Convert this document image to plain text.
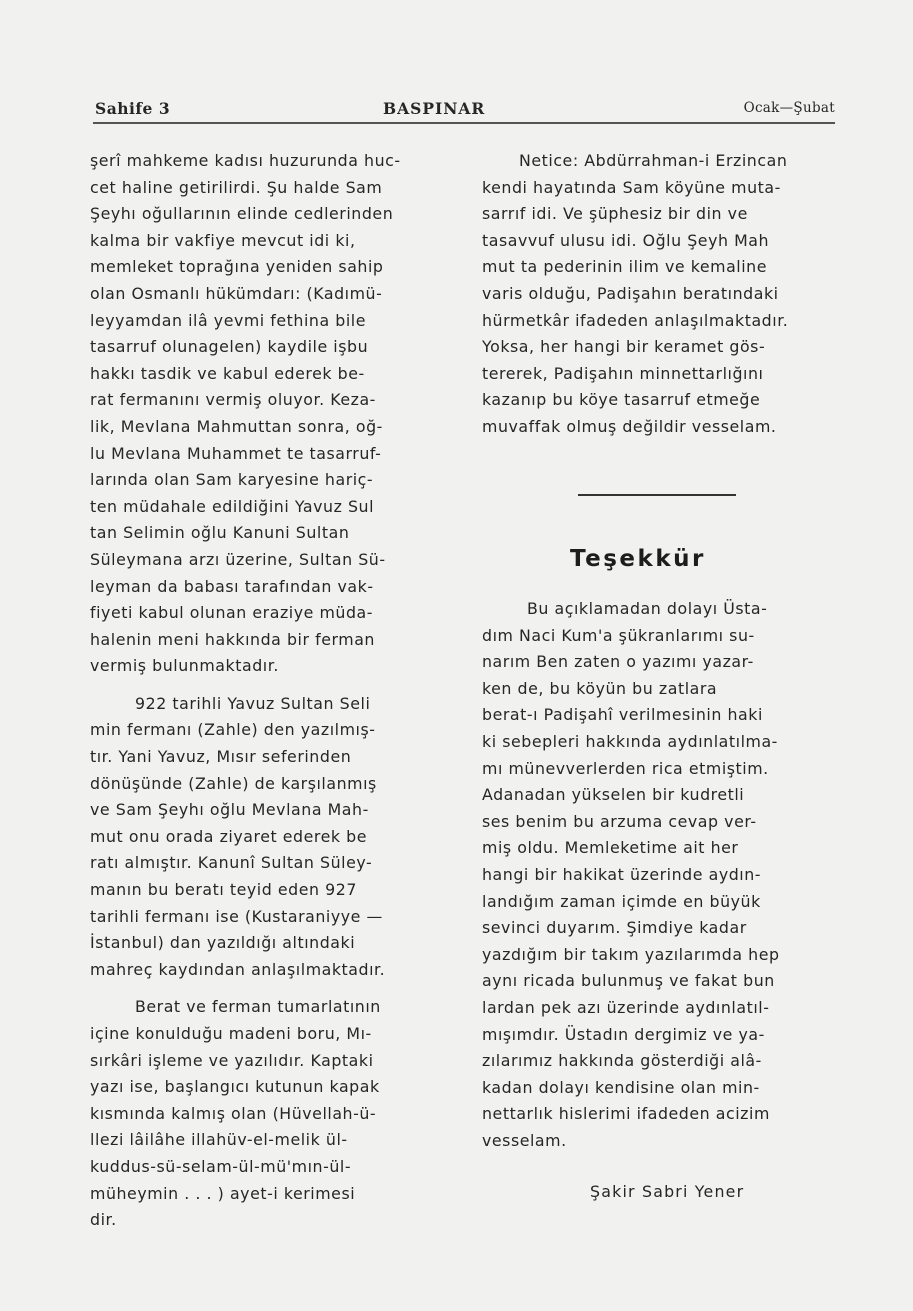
Sahife 3	BASPINAR	Ocak—Şubat

şerî mahkeme kadısı huzurunda huc-
cet haline getirilirdi. Şu halde Sam
Şeyhı oğullarının elinde cedlerinden
kalma bir vakfiye mevcut idi ki,
memleket toprağına yeniden sahip
olan Osmanlı hükümdarı: (Kadımü-
leyyamdan ilâ yevmi fethina bile
tasarruf olunagelen) kaydile işbu
hakkı tasdik ve kabul ederek be-
rat fermanını vermiş oluyor. Keza-
lik, Mevlana Mahmuttan sonra, oğ-
lu Mevlana Muhammet te tasarruf-
larında olan Sam karyesine hariç-
ten müdahale edildiğini Yavuz Sul
tan Selimin oğlu Kanuni Sultan
Süleymana arzı üzerine, Sultan Sü-
leyman da babası tarafından vak-
fiyeti kabul olunan eraziye müda-
halenin meni hakkında bir ferman
vermiş bulunmaktadır.

922 tarihli Yavuz Sultan Seli
min fermanı (Zahle) den yazılmış-
tır. Yani Yavuz, Mısır seferinden
dönüşünde (Zahle) de karşılanmış
ve Sam Şeyhı oğlu Mevlana Mah-
mut onu orada ziyaret ederek be
ratı almıştır. Kanunî Sultan Süley-
manın bu beratı teyid eden 927
tarihli fermanı ise (Kustaraniyye —
İstanbul) dan yazıldığı altındaki
mahreç kaydından anlaşılmaktadır.

Berat ve ferman tumarlatının
içine konulduğu madeni boru, Mı-
sırkâri işleme ve yazılıdır. Kaptaki
yazı ise, başlangıcı kutunun kapak
kısmında kalmış olan (Hüvellah-ü-
llezi lâilâhe illahüv-el-melik ül-
kuddus-sü-selam-ül-mü'mın-ül-
müheymin . . . ) ayet-i kerimesi
dir.

Netice: Abdürrahman-i Erzincan
kendi hayatında Sam köyüne muta-
sarrıf idi. Ve şüphesiz bir din ve
tasavvuf ulusu idi. Oğlu Şeyh Mah
mut ta pederinin ilim ve kemaline
varis olduğu, Padişahın beratındaki
hürmetkâr ifadeden anlaşılmaktadır.
Yoksa, her hangi bir keramet gös-
tererek, Padişahın minnettarlığını
kazanıp bu köye tasarruf etmeğe
muvaffak olmuş değildir vesselam.

Teşekkür

Bu açıklamadan dolayı Üsta-
dım Naci Kum'a şükranlarımı su-
narım Ben zaten o yazımı yazar-
ken de, bu köyün bu zatlara
berat-ı Padişahî verilmesinin haki
ki sebepleri hakkında aydınlatılma-
mı münevverlerden rica etmiştim.
Adanadan yükselen bir kudretli
ses benim bu arzuma cevap ver-
miş oldu. Memleketime ait her
hangi bir hakikat üzerinde aydın-
landığım zaman içimde en büyük
sevinci duyarım. Şimdiye kadar
yazdığım bir takım yazılarımda hep
aynı ricada bulunmuş ve fakat bun
lardan pek azı üzerinde aydınlatıl-
mışımdır. Üstadın dergimiz ve ya-
zılarımız hakkında gösterdiği alâ-
kadan dolayı kendisine olan min-
nettarlık hislerimi ifadeden acizim
vesselam.

Şakir Sabri Yener
